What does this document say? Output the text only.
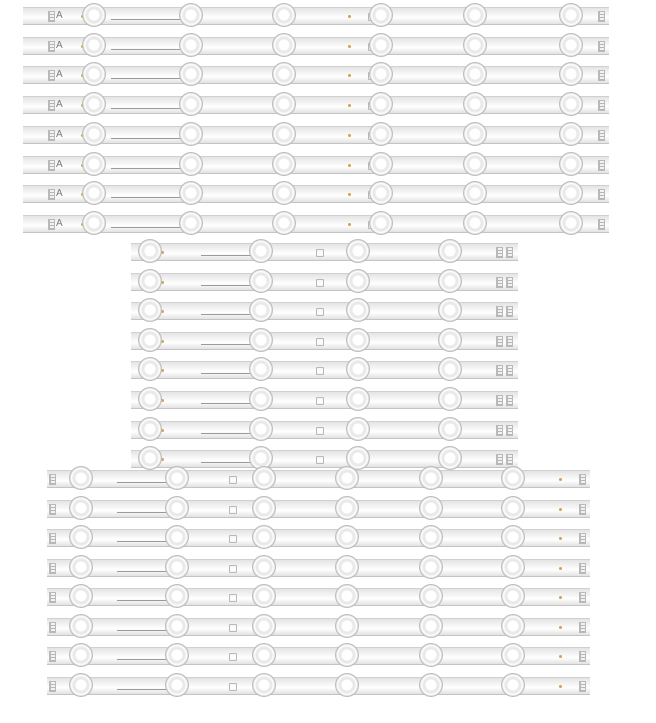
A
A
A
A
A
A
A
A
